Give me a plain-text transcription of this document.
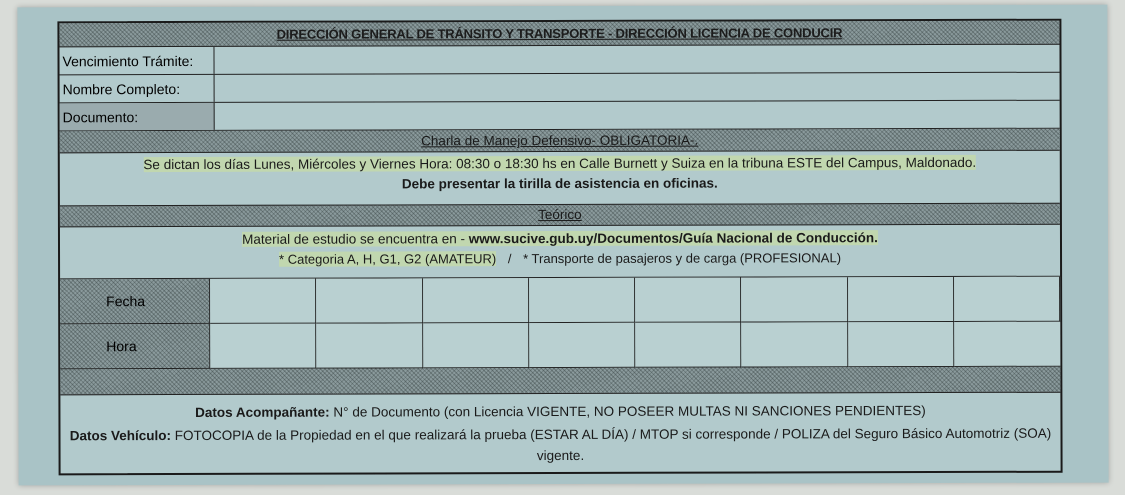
DIRECCIÓN GENERAL DE TRÁNSITO Y TRANSPORTE - DIRECCIÓN LICENCIA DE CONDUCIR
Vencimiento Trámite:
Nombre Completo:
Documento:
Charla de Manejo Defensivo- OBLIGATORIA-.
Se dictan los días Lunes, Miércoles y Viernes Hora: 08:30 o 18:30 hs en Calle Burnett y Suiza en la tribuna ESTE del Campus, Maldonado.
Debe presentar la tirilla de asistencia en oficinas.
Teórico
Material de estudio se encuentra en - www.sucive.gub.uy/Documentos/Guía Nacional de Conducción.
* Categoria A, H, G1, G2 (AMATEUR) / * Transporte de pasajeros y de carga (PROFESIONAL)
Fecha
Hora
Datos Acompañante: N° de Documento (con Licencia VIGENTE, NO POSEER MULTAS NI SANCIONES PENDIENTES)
Datos Vehículo: FOTOCOPIA de la Propiedad en el que realizará la prueba (ESTAR AL DÍA) / MTOP si corresponde / POLIZA del Seguro Básico Automotriz (SOA) vigente.
